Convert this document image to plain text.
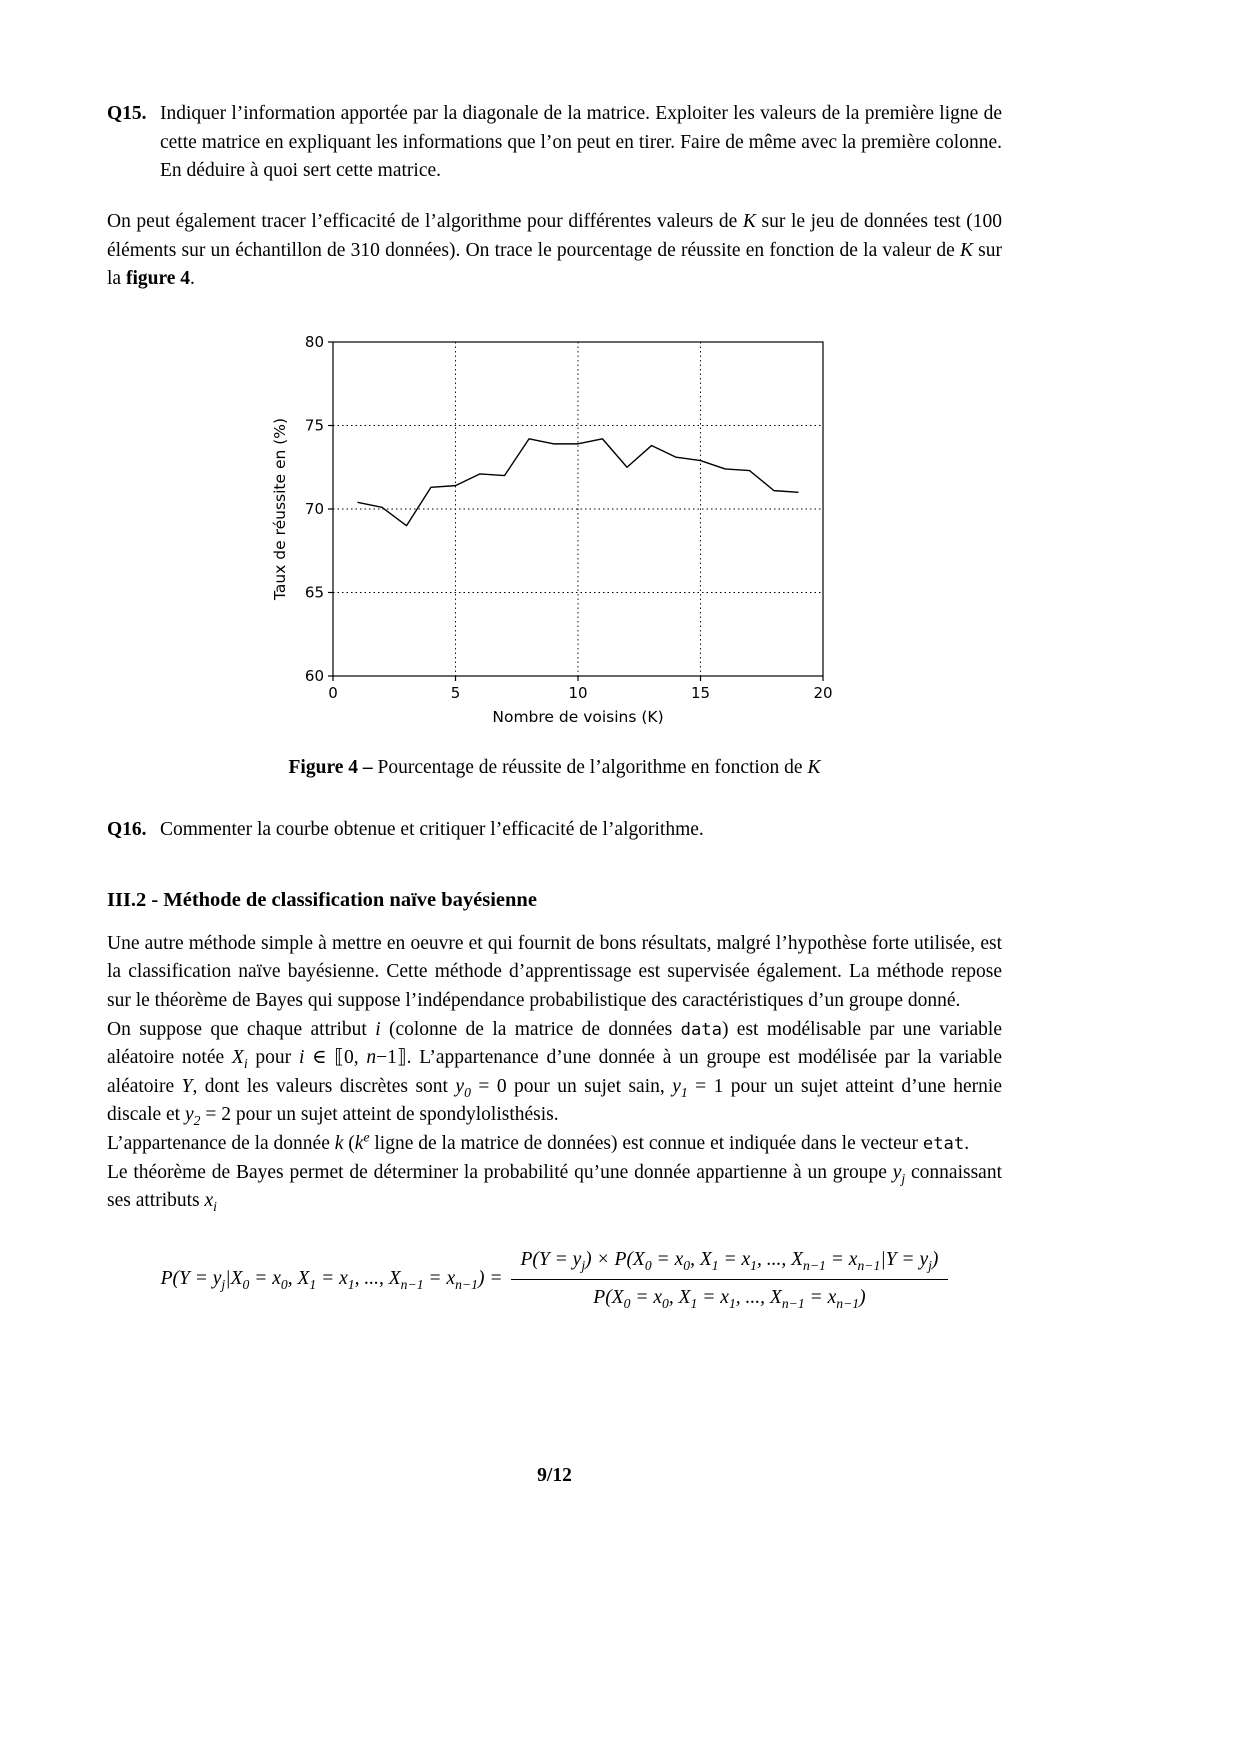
Q15. Indiquer l’information apportée par la diagonale de la matrice. Exploiter les valeurs de la première ligne de cette matrice en expliquant les informations que l’on peut en tirer. Faire de même avec la première colonne. En déduire à quoi sert cette matrice.

On peut également tracer l’efficacité de l’algorithme pour différentes valeurs de K sur le jeu de données test (100 éléments sur un échantillon de 310 données). On trace le pourcentage de réussite en fonction de la valeur de K sur la figure 4.

0	5	10	15	20
60
65
70
75
80
Nombre de voisins (K)
Taux de réussite en (%)
Figure 4 – Pourcentage de réussite de l’algorithme en fonction de K
Q16. Commenter la courbe obtenue et critiquer l’efficacité de l’algorithme.

III.2 - Méthode de classification naïve bayésienne

Une autre méthode simple à mettre en oeuvre et qui fournit de bons résultats, malgré l’hypothèse forte utilisée, est la classification naïve bayésienne. Cette méthode d’apprentissage est supervisée également. La méthode repose sur le théorème de Bayes qui suppose l’indépendance probabilistique des caractéristiques d’un groupe donné.

On suppose que chaque attribut i (colonne de la matrice de données data) est modélisable par une variable aléatoire notée $X_i$ pour i ∈ ⟦0, n−1⟧. L’appartenance d’une donnée à un groupe est modélisée par la variable aléatoire Y, dont les valeurs discrètes sont $y_0 = 0$ pour un sujet sain, $y_1 = 1$ pour un sujet atteint d’une hernie discale et $y_2 = 2$ pour un sujet atteint de spondylolisthésis.

L’appartenance de la donnée k ($k^e$ ligne de la matrice de données) est connue et indiquée dans le vecteur etat.

Le théorème de Bayes permet de déterminer la probabilité qu’une donnée appartienne à un groupe $y_j$ connaissant ses attributs $x_i$

$P(Y = y_j|X_0 = x_0$, $X_1 = x_1$, ..., $X_{n-1} = x_{n-1}) = \frac{P(Y = y_j) \times P(X_0 = x_0, X_1 = x_1, ..., X_{n-1} = x_{n-1}|Y = y_j)}{P(X_0 = x_0, X_1 = x_1, ..., X_{n-1} = x_{n-1})}$
9/12
